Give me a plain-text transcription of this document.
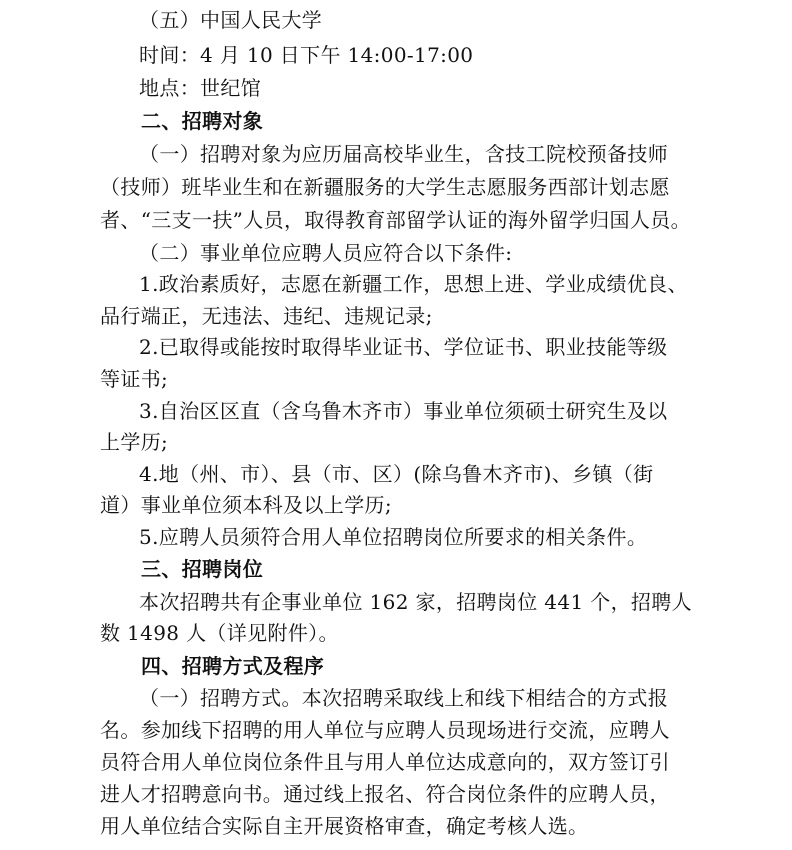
（五）中国人民大学
时间：4 月 10 日下午 14:00-17:00
地点：世纪馆
二、招聘对象
（一）招聘对象为应历届高校毕业生，含技工院校预备技师
（技师）班毕业生和在新疆服务的大学生志愿服务西部计划志愿
者、“三支一扶”人员，取得教育部留学认证的海外留学归国人员。
（二）事业单位应聘人员应符合以下条件:
1.政治素质好，志愿在新疆工作，思想上进、学业成绩优良、
品行端正，无违法、违纪、违规记录;
2.已取得或能按时取得毕业证书、学位证书、职业技能等级
等证书;
3.自治区区直（含乌鲁木齐市）事业单位须硕士研究生及以
上学历;
4.地（州、市）、县（市、区）(除乌鲁木齐市)、乡镇（街
道）事业单位须本科及以上学历;
5.应聘人员须符合用人单位招聘岗位所要求的相关条件。
三、招聘岗位
本次招聘共有企事业单位 162 家，招聘岗位 441 个，招聘人
数 1498 人（详见附件）。
四、招聘方式及程序
（一）招聘方式。本次招聘采取线上和线下相结合的方式报
名。参加线下招聘的用人单位与应聘人员现场进行交流，应聘人
员符合用人单位岗位条件且与用人单位达成意向的，双方签订引
进人才招聘意向书。通过线上报名、符合岗位条件的应聘人员，
用人单位结合实际自主开展资格审查，确定考核人选。
